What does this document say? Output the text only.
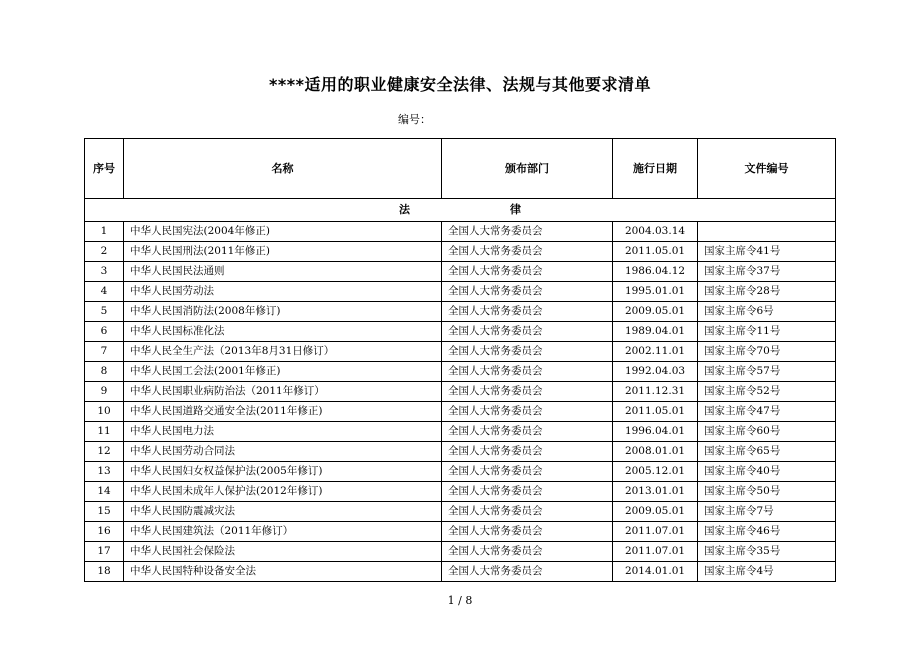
****适用的职业健康安全法律、法规与其他要求清单
编号：
序号	名称	颁布部门	施行日期	文件编号
法律				
1	中华人民国宪法(2004年修正)	全国人大常务委员会	2004.03.14	
2	中华人民国刑法(2011年修正)	全国人大常务委员会	2011.05.01	国家主席令41号
3	中华人民国民法通则	全国人大常务委员会	1986.04.12	国家主席令37号
4	中华人民国劳动法	全国人大常务委员会	1995.01.01	国家主席令28号
5	中华人民国消防法(2008年修订)	全国人大常务委员会	2009.05.01	国家主席令6号
6	中华人民国标准化法	全国人大常务委员会	1989.04.01	国家主席令11号
7	中华人民全生产法（2013年8月31日修订）	全国人大常务委员会	2002.11.01	国家主席令70号
8	中华人民国工会法(2001年修正)	全国人大常务委员会	1992.04.03	国家主席令57号
9	中华人民国职业病防治法（2011年修订）	全国人大常务委员会	2011.12.31	国家主席令52号
10	中华人民国道路交通安全法(2011年修正)	全国人大常务委员会	2011.05.01	国家主席令47号
11	中华人民国电力法	全国人大常务委员会	1996.04.01	国家主席令60号
12	中华人民国劳动合同法	全国人大常务委员会	2008.01.01	国家主席令65号
13	中华人民国妇女权益保护法(2005年修订)	全国人大常务委员会	2005.12.01	国家主席令40号
14	中华人民国未成年人保护法(2012年修订)	全国人大常务委员会	2013.01.01	国家主席令50号
15	中华人民国防震减灾法	全国人大常务委员会	2009.05.01	国家主席令7号
16	中华人民国建筑法（2011年修订）	全国人大常务委员会	2011.07.01	国家主席令46号
17	中华人民国社会保险法	全国人大常务委员会	2011.07.01	国家主席令35号
18	中华人民国特种设备安全法	全国人大常务委员会	2014.01.01	国家主席令4号
1 / 8
